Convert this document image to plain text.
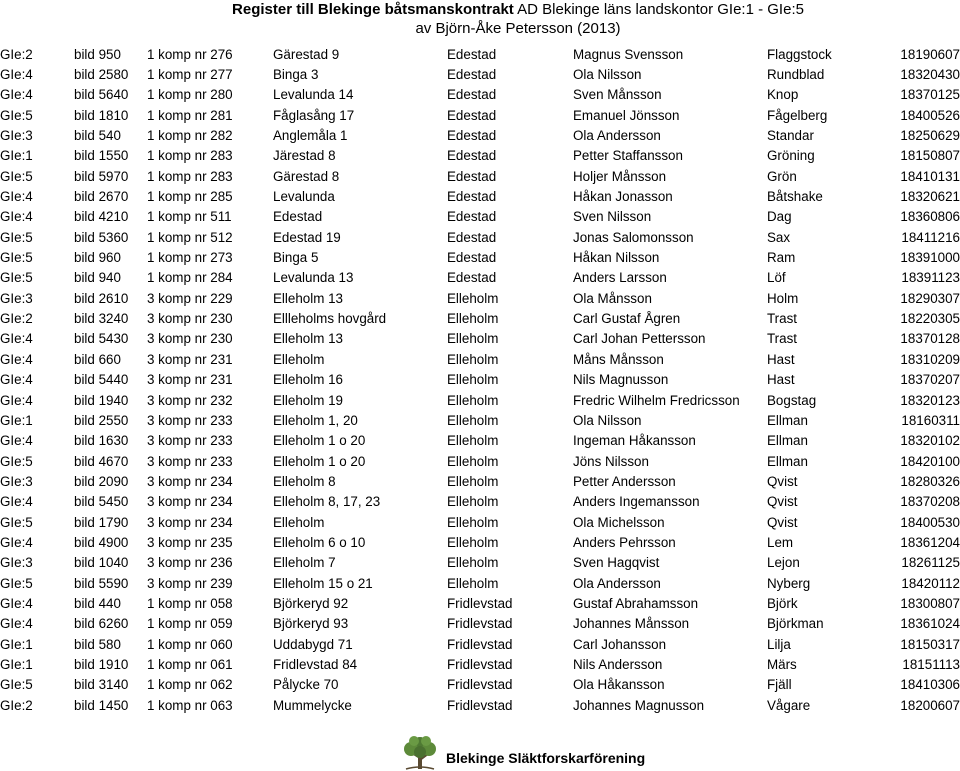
Register till Blekinge båtsmanskontrakt AD Blekinge läns landskontor GIe:1 - GIe:5
av Björn-Åke Petersson (2013)
GIe:2	bild 950	1 komp nr 276	Gärestad 9	Edestad	Magnus Svensson	Flaggstock	18190607
GIe:4	bild 2580	1 komp nr 277	Binga 3	Edestad	Ola Nilsson	Rundblad	18320430
GIe:4	bild 5640	1 komp nr 280	Levalunda 14	Edestad	Sven Månsson	Knop	18370125
GIe:5	bild 1810	1 komp nr 281	Fåglasång 17	Edestad	Emanuel Jönsson	Fågelberg	18400526
GIe:3	bild 540	1 komp nr 282	Anglemåla 1	Edestad	Ola Andersson	Standar	18250629
GIe:1	bild 1550	1 komp nr 283	Järestad 8	Edestad	Petter Staffansson	Gröning	18150807
GIe:5	bild 5970	1 komp nr 283	Gärestad 8	Edestad	Holjer Månsson	Grön	18410131
GIe:4	bild 2670	1 komp nr 285	Levalunda	Edestad	Håkan Jonasson	Båtshake	18320621
GIe:4	bild 4210	1 komp nr 511	Edestad	Edestad	Sven Nilsson	Dag	18360806
GIe:5	bild 5360	1 komp nr 512	Edestad 19	Edestad	Jonas Salomonsson	Sax	18411216
GIe:5	bild 960	1 komp nr 273	Binga 5	Edestad	Håkan Nilsson	Ram	18391000
GIe:5	bild 940	1 komp nr 284	Levalunda 13	Edestad	Anders Larsson	Löf	18391123
GIe:3	bild 2610	3 komp nr 229	Elleholm 13	Elleholm	Ola Månsson	Holm	18290307
GIe:2	bild 3240	3 komp nr 230	Ellleholms hovgård	Elleholm	Carl Gustaf Ågren	Trast	18220305
GIe:4	bild 5430	3 komp nr 230	Elleholm 13	Elleholm	Carl Johan Pettersson	Trast	18370128
GIe:4	bild 660	3 komp nr 231	Elleholm	Elleholm	Måns Månsson	Hast	18310209
GIe:4	bild 5440	3 komp nr 231	Elleholm 16	Elleholm	Nils Magnusson	Hast	18370207
GIe:4	bild 1940	3 komp nr 232	Elleholm 19	Elleholm	Fredric Wilhelm Fredricsson	Bogstag	18320123
GIe:1	bild 2550	3 komp nr 233	Elleholm 1, 20	Elleholm	Ola Nilsson	Ellman	18160311
GIe:4	bild 1630	3 komp nr 233	Elleholm 1 o 20	Elleholm	Ingeman Håkansson	Ellman	18320102
GIe:5	bild 4670	3 komp nr 233	Elleholm 1 o 20	Elleholm	Jöns Nilsson	Ellman	18420100
GIe:3	bild 2090	3 komp nr 234	Elleholm 8	Elleholm	Petter Andersson	Qvist	18280326
GIe:4	bild 5450	3 komp nr 234	Elleholm 8, 17, 23	Elleholm	Anders Ingemansson	Qvist	18370208
GIe:5	bild 1790	3 komp nr 234	Elleholm	Elleholm	Ola Michelsson	Qvist	18400530
GIe:4	bild 4900	3 komp nr 235	Elleholm 6 o 10	Elleholm	Anders Pehrsson	Lem	18361204
GIe:3	bild 1040	3 komp nr 236	Elleholm 7	Elleholm	Sven Hagqvist	Lejon	18261125
GIe:5	bild 5590	3 komp nr 239	Elleholm 15 o 21	Elleholm	Ola Andersson	Nyberg	18420112
GIe:4	bild 440	1 komp nr 058	Björkeryd 92	Fridlevstad	Gustaf Abrahamsson	Björk	18300807
GIe:4	bild 6260	1 komp nr 059	Björkeryd 93	Fridlevstad	Johannes Månsson	Björkman	18361024
GIe:1	bild 580	1 komp nr 060	Uddabygd 71	Fridlevstad	Carl Johansson	Lilja	18150317
GIe:1	bild 1910	1 komp nr 061	Fridlevstad 84	Fridlevstad	Nils Andersson	Märs	18151113
GIe:5	bild 3140	1 komp nr 062	Pålycke 70	Fridlevstad	Ola Håkansson	Fjäll	18410306
GIe:2	bild 1450	1 komp nr 063	Mummelycke	Fridlevstad	Johannes Magnusson	Vågare	18200607
Blekinge Släktforskarförening
